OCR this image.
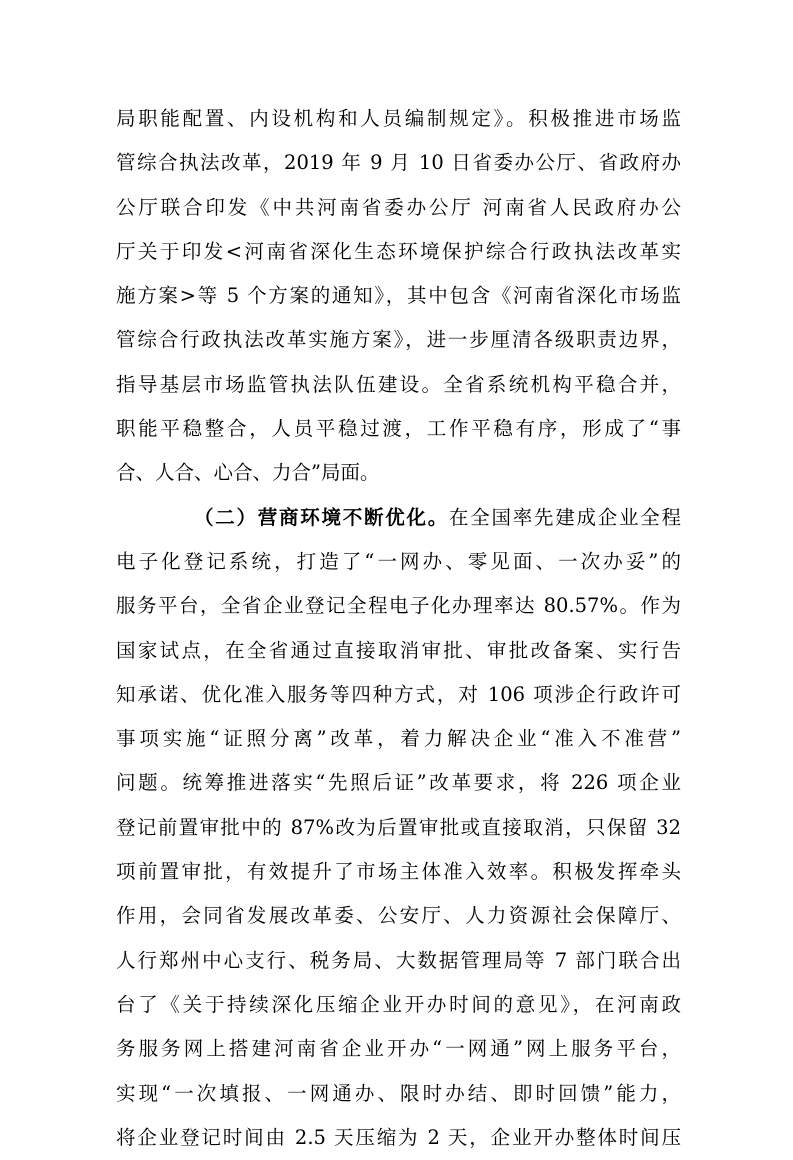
局职能配置、内设机构和人员编制规定》。积极推进市场监
管综合执法改革，2019 年 9 月 10 日省委办公厅、省政府办
公厅联合印发《中共河南省委办公厅 河南省人民政府办公
厅关于印发<河南省深化生态环境保护综合行政执法改革实
施方案>等 5 个方案的通知》，其中包含《河南省深化市场监
管综合行政执法改革实施方案》，进一步厘清各级职责边界，
指导基层市场监管执法队伍建设。全省系统机构平稳合并，
职能平稳整合，人员平稳过渡，工作平稳有序，形成了“事
合、人合、心合、力合”局面。
（二）营商环境不断优化。在全国率先建成企业全程
电子化登记系统，打造了“一网办、零见面、一次办妥”的
服务平台，全省企业登记全程电子化办理率达 80.57%。作为
国家试点，在全省通过直接取消审批、审批改备案、实行告
知承诺、优化准入服务等四种方式，对 106 项涉企行政许可
事项实施“证照分离”改革，着力解决企业“准入不准营”
问题。统筹推进落实“先照后证”改革要求，将 226 项企业
登记前置审批中的 87%改为后置审批或直接取消，只保留 32
项前置审批，有效提升了市场主体准入效率。积极发挥牵头
作用，会同省发展改革委、公安厅、人力资源社会保障厅、
人行郑州中心支行、税务局、大数据管理局等 7 部门联合出
台了《关于持续深化压缩企业开办时间的意见》，在河南政
务服务网上搭建河南省企业开办“一网通”网上服务平台，
实现“一次填报、一网通办、限时办结、即时回馈”能力，
将企业登记时间由 2.5 天压缩为 2 天，企业开办整体时间压
